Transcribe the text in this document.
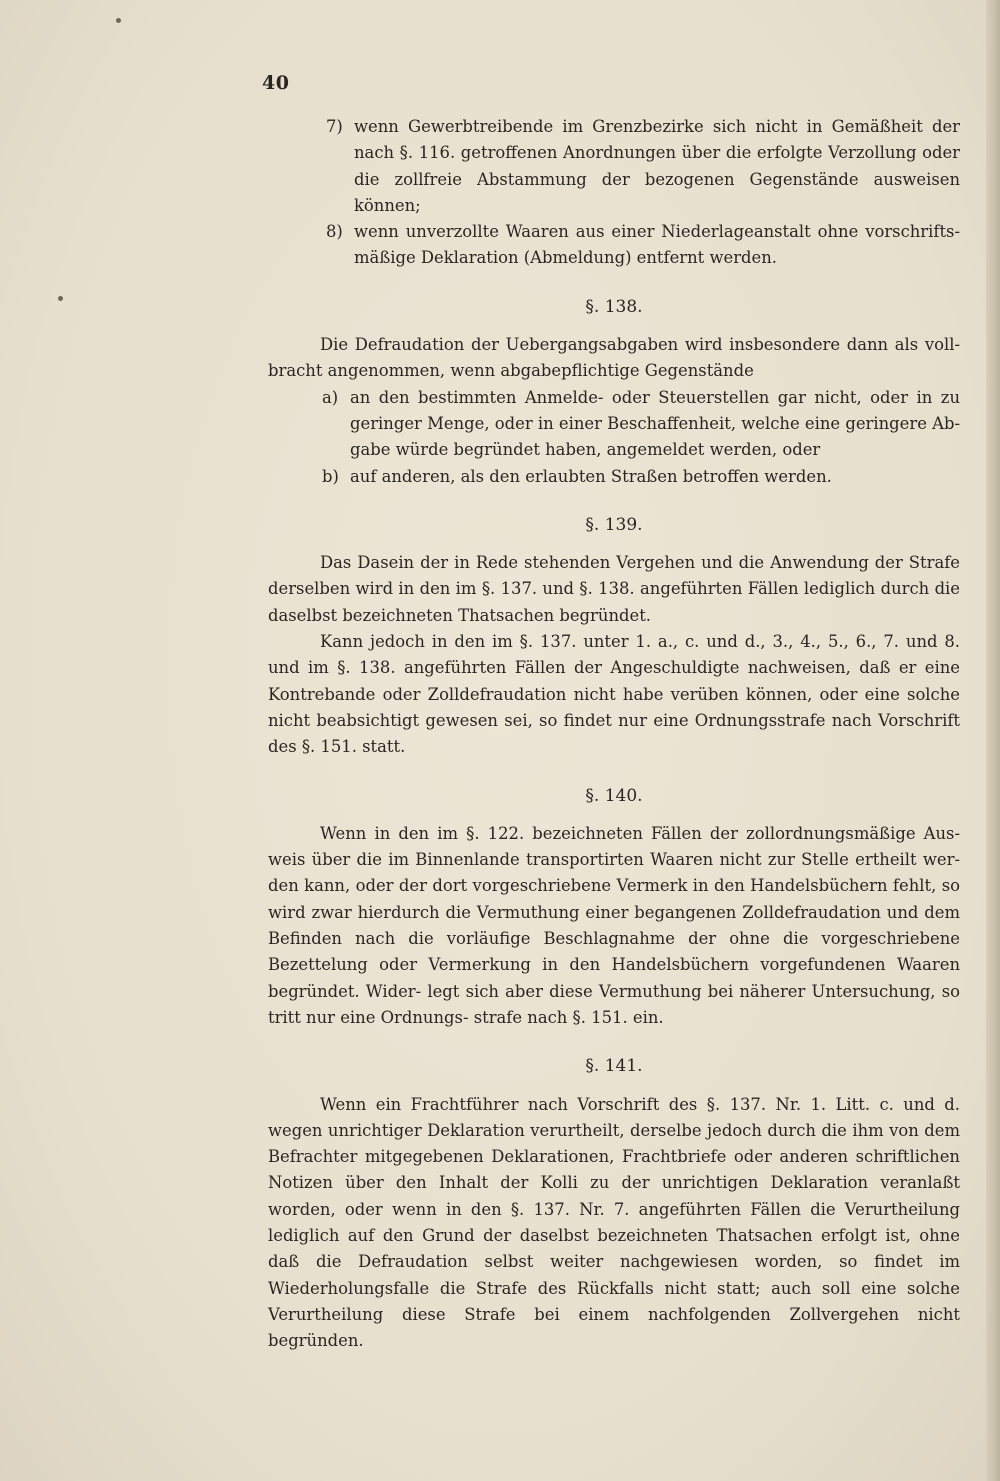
40
7) wenn Gewerbtreibende im Grenzbezirke sich nicht in Gemäßheit der nach §. 116. getroffenen Anordnungen über die erfolgte Verzollung oder die zollfreie Abstammung der bezogenen Gegenstände ausweisen können;
8) wenn unverzollte Waaren aus einer Niederlageanstalt ohne vorschrifts- mäßige Deklaration (Abmeldung) entfernt werden.
§. 138.
Die Defraudation der Uebergangsabgaben wird insbesondere dann als voll- bracht angenommen, wenn abgabepflichtige Gegenstände
a) an den bestimmten Anmelde- oder Steuerstellen gar nicht, oder in zu geringer Menge, oder in einer Beschaffenheit, welche eine geringere Ab- gabe würde begründet haben, angemeldet werden, oder
b) auf anderen, als den erlaubten Straßen betroffen werden.
§. 139.
Das Dasein der in Rede stehenden Vergehen und die Anwendung der Strafe derselben wird in den im §. 137. und §. 138. angeführten Fällen lediglich durch die daselbst bezeichneten Thatsachen begründet.
Kann jedoch in den im §. 137. unter 1. a., c. und d., 3., 4., 5., 6., 7. und 8. und im §. 138. angeführten Fällen der Angeschuldigte nachweisen, daß er eine Kontrebande oder Zolldefraudation nicht habe verüben können, oder eine solche nicht beabsichtigt gewesen sei, so findet nur eine Ordnungsstrafe nach Vorschrift des §. 151. statt.
§. 140.
Wenn in den im §. 122. bezeichneten Fällen der zollordnungsmäßige Aus- weis über die im Binnenlande transportirten Waaren nicht zur Stelle ertheilt wer- den kann, oder der dort vorgeschriebene Vermerk in den Handelsbüchern fehlt, so wird zwar hierdurch die Vermuthung einer begangenen Zolldefraudation und dem Befinden nach die vorläufige Beschlagnahme der ohne die vorgeschriebene Bezettelung oder Vermerkung in den Handelsbüchern vorgefundenen Waaren begründet. Wider- legt sich aber diese Vermuthung bei näherer Untersuchung, so tritt nur eine Ordnungs- strafe nach §. 151. ein.
§. 141.
Wenn ein Frachtführer nach Vorschrift des §. 137. Nr. 1. Litt. c. und d. wegen unrichtiger Deklaration verurtheilt, derselbe jedoch durch die ihm von dem Befrachter mitgegebenen Deklarationen, Frachtbriefe oder anderen schriftlichen Notizen über den Inhalt der Kolli zu der unrichtigen Deklaration veranlaßt worden, oder wenn in den §. 137. Nr. 7. angeführten Fällen die Verurtheilung lediglich auf den Grund der daselbst bezeichneten Thatsachen erfolgt ist, ohne daß die Defraudation selbst weiter nachgewiesen worden, so findet im Wiederholungsfalle die Strafe des Rückfalls nicht statt; auch soll eine solche Verurtheilung diese Strafe bei einem nachfolgenden Zollvergehen nicht begründen.
